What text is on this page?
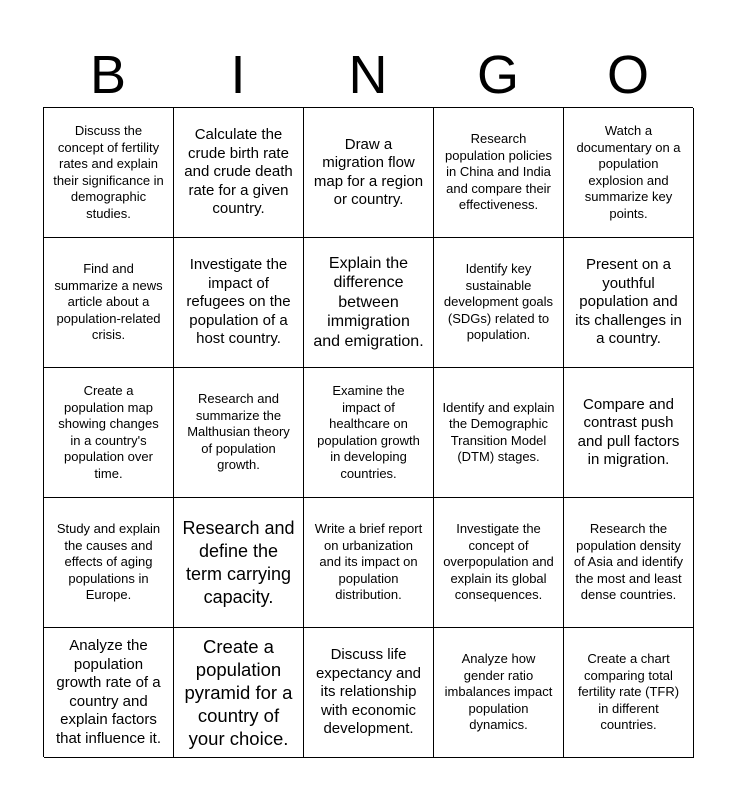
B	I	N	G	O
Discuss the concept of fertility rates and explain their significance in demographic studies.
Calculate the crude birth rate and crude death rate for a given country.
Draw a migration flow map for a region or country.
Research population policies in China and India and compare their effectiveness.
Watch a documentary on a population explosion and summarize key points.
Find and summarize a news article about a population-related crisis.
Investigate the impact of refugees on the population of a host country.
Explain the difference between immigration and emigration.
Identify key sustainable development goals (SDGs) related to population.
Present on a youthful population and its challenges in a country.
Create a population map showing changes in a country's population over time.
Research and summarize the Malthusian theory of population growth.
Examine the impact of healthcare on population growth in developing countries.
Identify and explain the Demographic Transition Model (DTM) stages.
Compare and contrast push and pull factors in migration.
Study and explain the causes and effects of aging populations in Europe.
Research and define the term carrying capacity.
Write a brief report on urbanization and its impact on population distribution.
Investigate the concept of overpopulation and explain its global consequences.
Research the population density of Asia and identify the most and least dense countries.
Analyze the population growth rate of a country and explain factors that influence it.
Create a population pyramid for a country of your choice.
Discuss life expectancy and its relationship with economic development.
Analyze how gender ratio imbalances impact population dynamics.
Create a chart comparing total fertility rate (TFR) in different countries.
